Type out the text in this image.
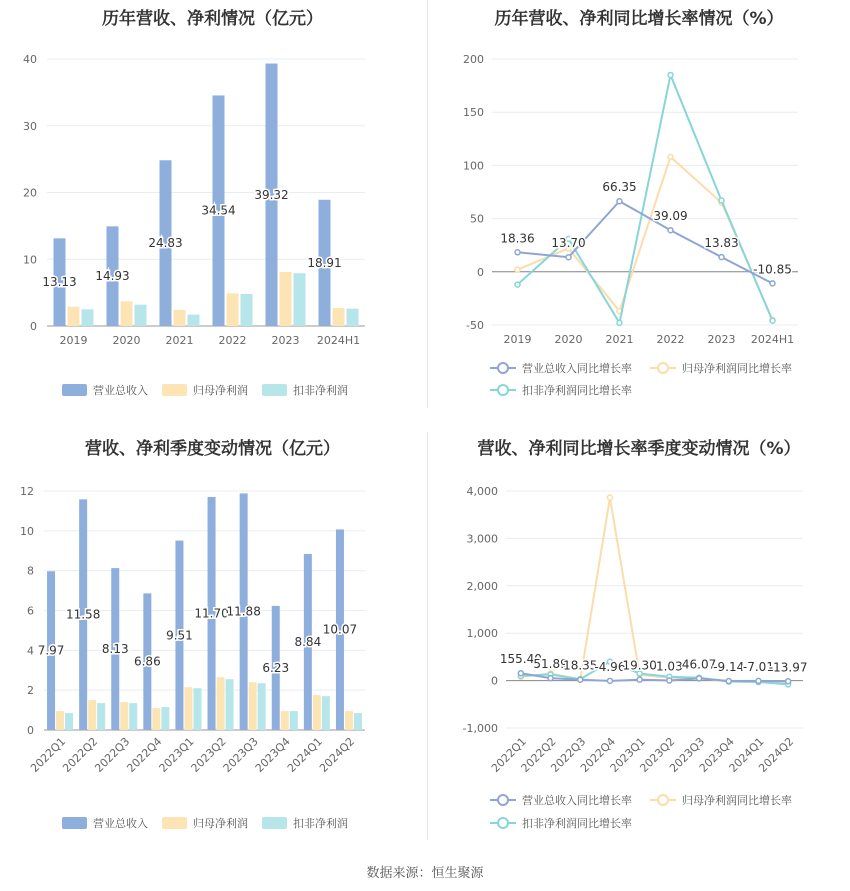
历年营收、净利情况（亿元）
0
10
20
30
40
13.13
2019
14.93
2020
24.83
2021
34.54
2022
39.32
2023
18.91
2024H1
营业总收入	归母净利润	扣非净利润
历年营收、净利同比增长率情况（%）
-50
0
50
100
150
200
2019 2020 2021 2022 2023 2024H1
18.36 13.70
66.35
39.09
13.83
-10.85
营业总收入同比增长率	归母净利润同比增长率
扣非净利润同比增长率
营收、净利季度变动情况（亿元）
0
2
4
6
8
10
12
7.97
2022Q1
11.58
2022Q2
8.13
2022Q3
6.86
2022Q4
9.51
2023Q1
11.70
2023Q2
11.88
2023Q3
6.23
2023Q4
8.84
2024Q1
10.07
2024Q2
营业总收入	归母净利润	扣非净利润
营收、净利同比增长率季度变动情况（%）
-1,000
0
1,000
2,000
3,000
4,000
2022Q1
2022Q2
2022Q3
2022Q4
2023Q1
2023Q2
2023Q3
2023Q4
2024Q1
2024Q2
155.40
51.89
18.35
-4.96
19.30 1.03 46.07
-9.14
-7.01
-13.97
营业总收入同比增长率	归母净利润同比增长率
扣非净利润同比增长率
数据来源：恒生聚源
